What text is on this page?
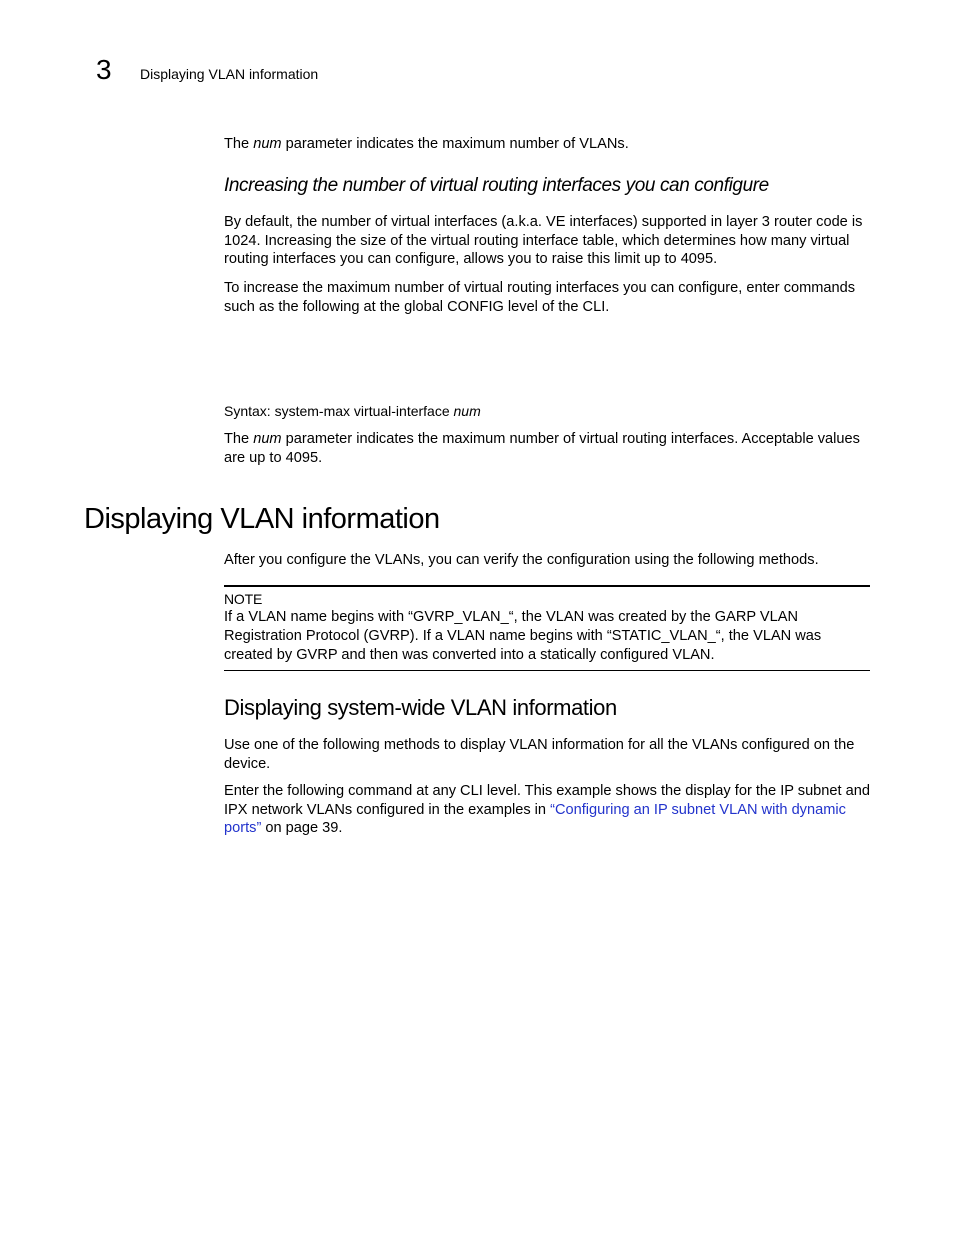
3 Displaying VLAN information

The num parameter indicates the maximum number of VLANs.

Increasing the number of virtual routing interfaces you can configure

By default, the number of virtual interfaces (a.k.a. VE interfaces) supported in layer 3 router code is 1024. Increasing the size of the virtual routing interface table, which determines how many virtual routing interfaces you can configure, allows you to raise this limit up to 4095.

To increase the maximum number of virtual routing interfaces you can configure, enter commands such as the following at the global CONFIG level of the CLI.

Syntax: system-max virtual-interface num

The num parameter indicates the maximum number of virtual routing interfaces. Acceptable values are up to 4095.

Displaying VLAN information

After you configure the VLANs, you can verify the configuration using the following methods.

NOTE
If a VLAN name begins with “GVRP_VLAN_“, the VLAN was created by the GARP VLAN Registration Protocol (GVRP). If a VLAN name begins with “STATIC_VLAN_“, the VLAN was created by GVRP and then was converted into a statically configured VLAN.
Displaying system-wide VLAN information

Use one of the following methods to display VLAN information for all the VLANs configured on the device.

Enter the following command at any CLI level. This example shows the display for the IP subnet and IPX network VLANs configured in the examples in “Configuring an IP subnet VLAN with dynamic ports” on page 39.
